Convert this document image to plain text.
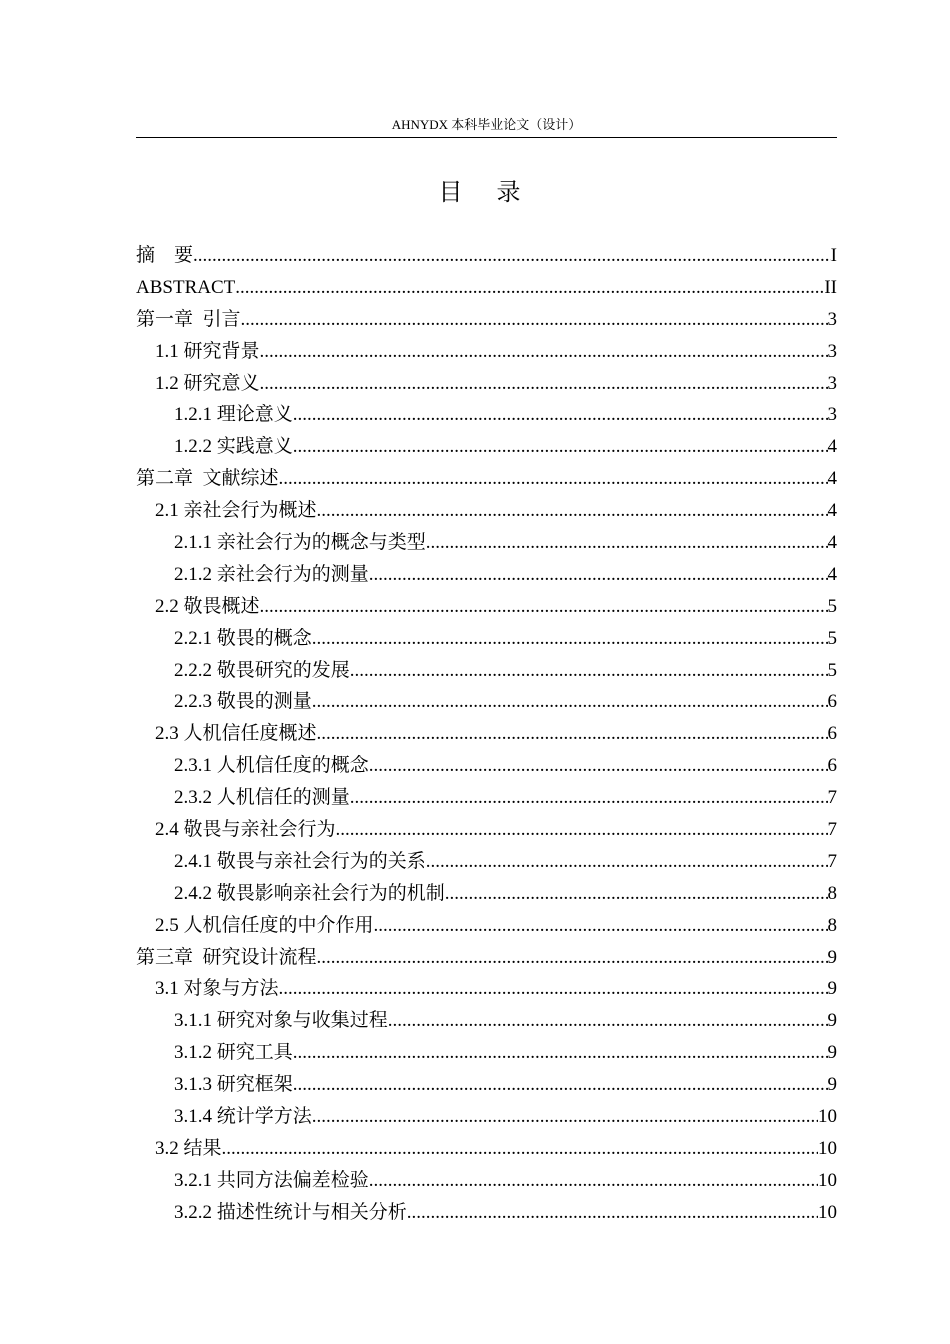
AHNYDX 本科毕业论文（设计）
目 录
摘    要 .....	I
ABSTRACT .....	II
第一章  引言 .....	3
1.1 研究背景 .....	3
1.2 研究意义 .....	3
1.2.1 理论意义 .....	3
1.2.2 实践意义 .....	4
第二章  文献综述 .....	4
2.1 亲社会行为概述 .....	4
2.1.1 亲社会行为的概念与类型 .....	4
2.1.2 亲社会行为的测量 .....	4
2.2 敬畏概述 .....	5
2.2.1 敬畏的概念 .....	5
2.2.2 敬畏研究的发展 .....	5
2.2.3 敬畏的测量 .....	6
2.3 人机信任度概述 .....	6
2.3.1 人机信任度的概念 .....	6
2.3.2 人机信任的测量 .....	7
2.4 敬畏与亲社会行为 .....	7
2.4.1 敬畏与亲社会行为的关系 .....	7
2.4.2 敬畏影响亲社会行为的机制 .....	8
2.5 人机信任度的中介作用 .....	8
第三章  研究设计流程 .....	9
3.1 对象与方法 .....	9
3.1.1 研究对象与收集过程 .....	9
3.1.2 研究工具 .....	9
3.1.3 研究框架 .....	9
3.1.4 统计学方法 .....	10
3.2 结果 .....	10
3.2.1 共同方法偏差检验 .....	10
3.2.2 描述性统计与相关分析 .....	10
